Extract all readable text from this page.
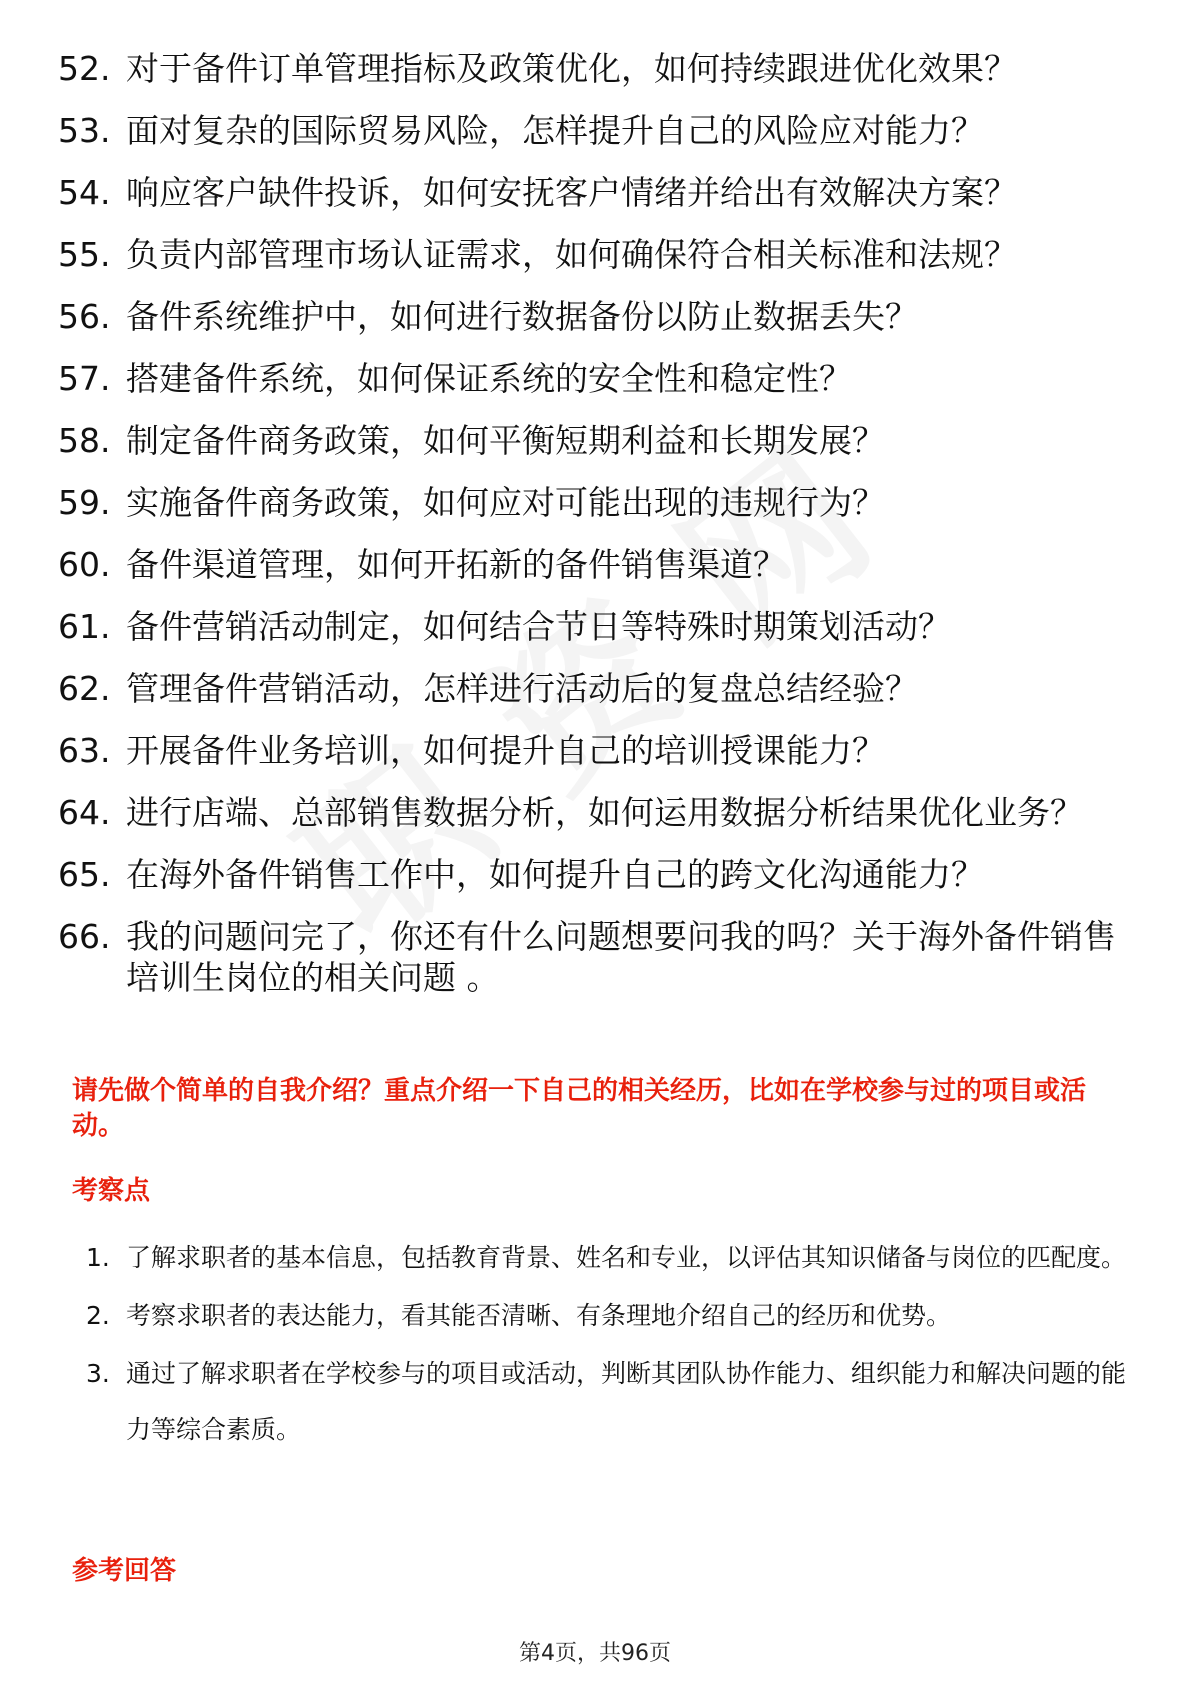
52. 对于备件订单管理指标及政策优化，如何持续跟进优化效果？
53. 面对复杂的国际贸易风险，怎样提升自己的风险应对能力？
54. 响应客户缺件投诉，如何安抚客户情绪并给出有效解决方案？
55. 负责内部管理市场认证需求，如何确保符合相关标准和法规？
56. 备件系统维护中，如何进行数据备份以防止数据丢失？
57. 搭建备件系统，如何保证系统的安全性和稳定性？
58. 制定备件商务政策，如何平衡短期利益和长期发展？
59. 实施备件商务政策，如何应对可能出现的违规行为？
60. 备件渠道管理，如何开拓新的备件销售渠道？
61. 备件营销活动制定，如何结合节日等特殊时期策划活动？
62. 管理备件营销活动，怎样进行活动后的复盘总结经验？
63. 开展备件业务培训，如何提升自己的培训授课能力？
64. 进行店端、总部销售数据分析，如何运用数据分析结果优化业务？
65. 在海外备件销售工作中，如何提升自己的跨文化沟通能力？
66. 我的问题问完了，你还有什么问题想要问我的吗？关于海外备件销售培训生岗位的相关问题 。
请先做个简单的自我介绍？重点介绍一下自己的相关经历，比如在学校参与过的项目或活动。
考察点
1. 了解求职者的基本信息，包括教育背景、姓名和专业，以评估其知识储备与岗位的匹配度。
2. 考察求职者的表达能力，看其能否清晰、有条理地介绍自己的经历和优势。
3. 通过了解求职者在学校参与的项目或活动，判断其团队协作能力、组织能力和解决问题的能力等综合素质。
参考回答
第4页，共96页
